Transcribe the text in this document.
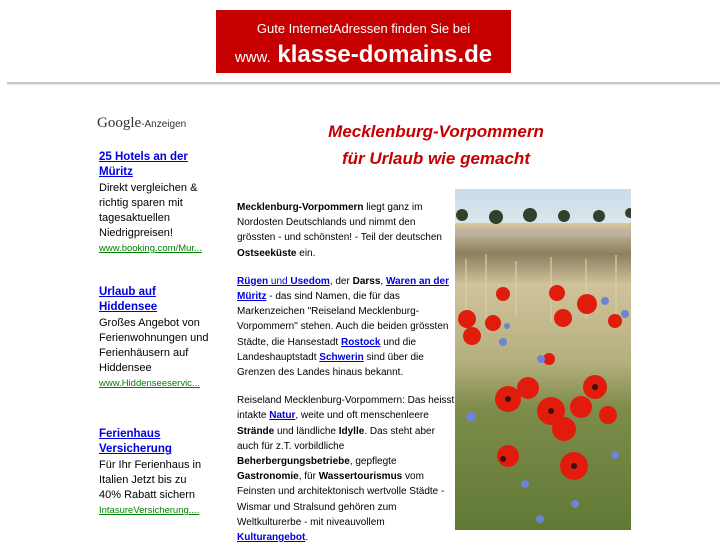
Gute InternetAdressen finden Sie bei
www. klasse-domains.de
Google-Anzeigen
25 Hotels an der Müritz
Direkt vergleichen & richtig sparen mit tagesaktuellen Niedrigpreisen!
www.booking.com/Mur...
Urlaub auf Hiddensee
Großes Angebot von Ferienwohnungen und Ferienhäusern auf Hiddensee
www.Hiddenseeservic...
Ferienhaus Versicherung
Für Ihr Ferienhaus in Italien Jetzt bis zu 40% Rabatt sichern
IntasureVersicherung....
Mecklenburg-Vorpommern
für Urlaub wie gemacht

Mecklenburg-Vorpommern liegt ganz im Nordosten Deutschlands und nimmt den grössten - und schönsten! - Teil der deutschen Ostseeküste ein.

Rügen und Usedom, der Darss, Waren an der Müritz - das sind Namen, die für das Markenzeichen "Reiseland Mecklenburg-Vorpommern" stehen. Auch die beiden grössten Städte, die Hansestadt Rostock und die Landeshauptstadt Schwerin sind über die Grenzen des Landes hinaus bekannt.

Reiseland Mecklenburg-Vorpommern: Das heisst intakte Natur, weite und oft menschenleere Strände und ländliche Idylle. Das steht aber auch für z.T. vorbildliche Beherbergungsbetriebe, gepflegte Gastronomie, für Wassertourismus vom Feinsten und architektonisch wertvolle Städte - Wismar und Stralsund gehören zum Weltkulturerbe - mit niveauvollem Kulturangebot.
